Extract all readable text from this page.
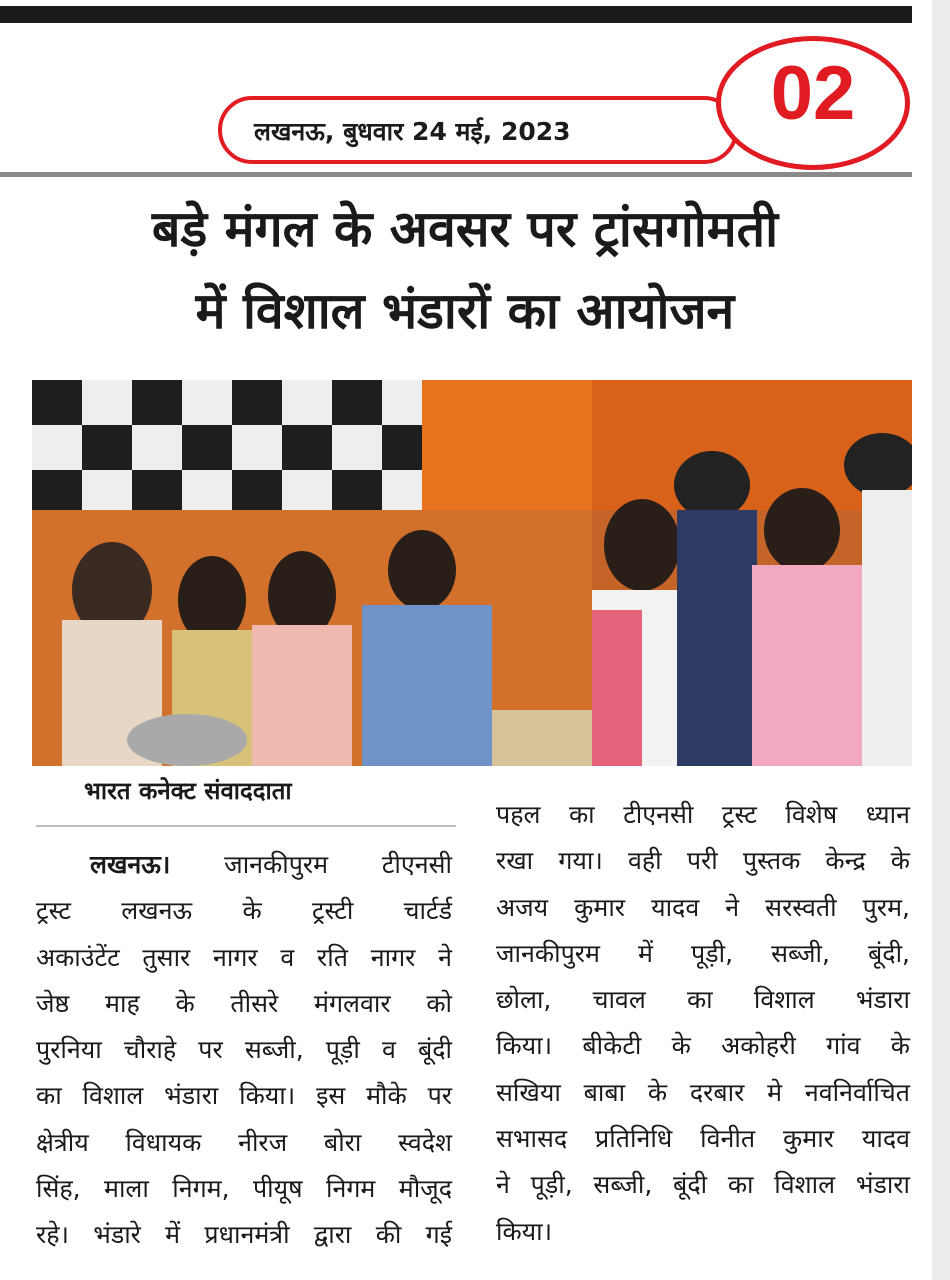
लखनऊ, बुधवार 24 मई, 2023	02
बड़े मंगल के अवसर पर ट्रांसगोमती
में विशाल भंडारों का आयोजन
TNC
भारत कनेक्ट संवाददाता

लखनऊ। जानकीपुरम टीएनसी

ट्रस्ट लखनऊ के ट्रस्टी चार्टर्ड

अकाउंटेंट तुसार नागर व रति नागर ने

जेष्ठ माह के तीसरे मंगलवार को

पुरनिया चौराहे पर सब्जी, पूड़ी व बूंदी

का विशाल भंडारा किया। इस मौके पर

क्षेत्रीय विधायक नीरज बोरा स्वदेश

सिंह, माला निगम, पीयूष निगम मौजूद

रहे। भंडारे में प्रधानमंत्री द्वारा की गई

पहल का टीएनसी ट्रस्ट विशेष ध्यान

रखा गया। वही परी पुस्तक केन्द्र के

अजय कुमार यादव ने सरस्वती पुरम,

जानकीपुरम में पूड़ी, सब्जी, बूंदी,

छोला, चावल का विशाल भंडारा

किया। बीकेटी के अकोहरी गांव के

सखिया बाबा के दरबार मे नवनिर्वाचित

सभासद प्रतिनिधि विनीत कुमार यादव

ने पूड़ी, सब्जी, बूंदी का विशाल भंडारा

किया।
